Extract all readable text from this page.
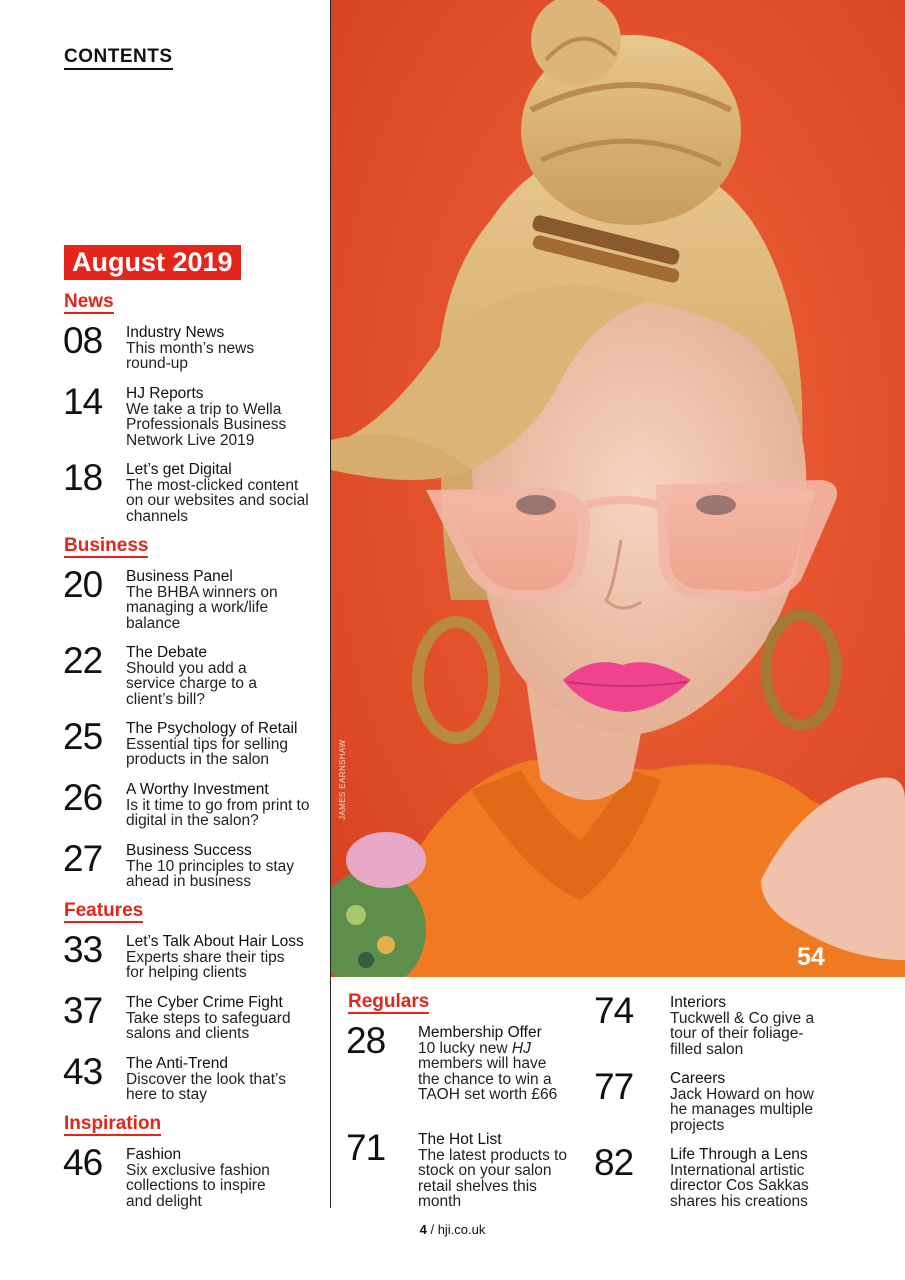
CONTENTS
August 2019
News
08 Industry News
This month’s news round-up
14 HJ Reports
We take a trip to Wella Professionals Business Network Live 2019
18 Let’s get Digital
The most-clicked content on our websites and social channels
Business
20 Business Panel
The BHBA winners on managing a work/life balance
22 The Debate
Should you add a service charge to a client’s bill?
25 The Psychology of Retail
Essential tips for selling products in the salon
26 A Worthy Investment
Is it time to go from print to digital in the salon?
27 Business Success
The 10 principles to stay ahead in business
Features
33 Let’s Talk About Hair Loss
Experts share their tips for helping clients
37 The Cyber Crime Fight
Take steps to safeguard salons and clients
43 The Anti-Trend
Discover the look that’s here to stay
Inspiration
46 Fashion
Six exclusive fashion collections to inspire and delight
JAMES EARNSHAW
54
Regulars
28 Membership Offer
10 lucky new HJ members will have the chance to win a TAOH set worth £66
71 The Hot List
The latest products to stock on your salon retail shelves this month
74 Interiors
Tuckwell & Co give a tour of their foliage-filled salon
77 Careers
Jack Howard on how he manages multiple projects
82 Life Through a Lens
International artistic director Cos Sakkas shares his creations
4 / hji.co.uk
